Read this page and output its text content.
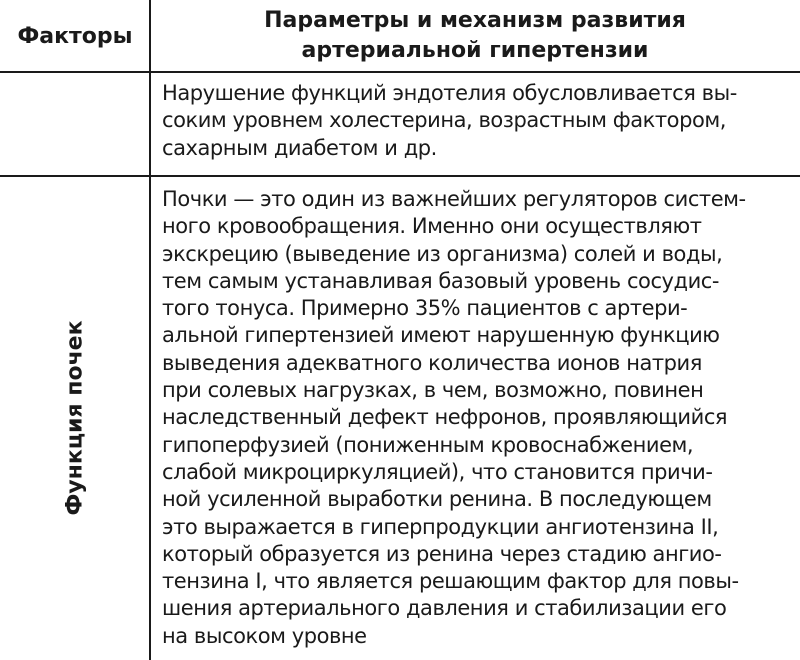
Факторы
Параметры и механизм развития
артериальной гипертензии
Нарушение функций эндотелия обусловливается вы-
соким уровнем холестерина, возрастным фактором,
сахарным диабетом и др.
Функция почек
Почки — это один из важнейших регуляторов систем-
ного кровообращения. Именно они осуществляют
экскрецию (выведение из организма) солей и воды,
тем самым устанавливая базовый уровень сосудис-
того тонуса. Примерно 35% пациентов с артери-
альной гипертензией имеют нарушенную функцию
выведения адекватного количества ионов натрия
при солевых нагрузках, в чем, возможно, повинен
наследственный дефект нефронов, проявляющийся
гипоперфузией (пониженным кровоснабжением,
слабой микроциркуляцией), что становится причи-
ной усиленной выработки ренина. В последующем
это выражается в гиперпродукции ангиотензина II,
который образуется из ренина через стадию ангио-
тензина I, что является решающим фактор для повы-
шения артериального давления и стабилизации его
на высоком уровне
